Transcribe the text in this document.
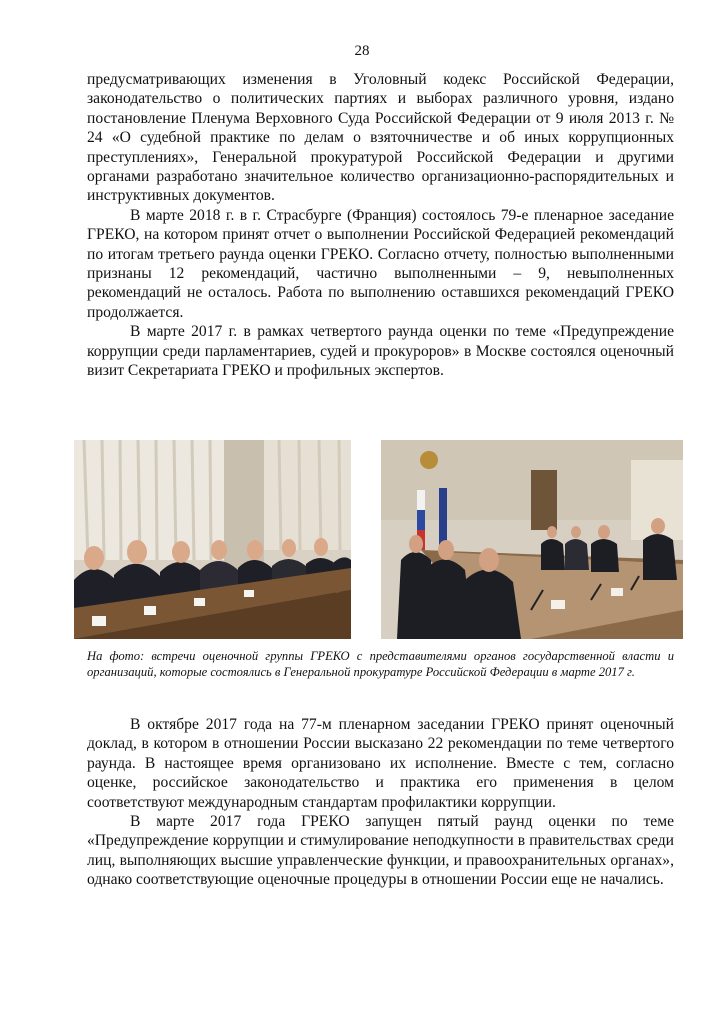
28

предусматривающих изменения в Уголовный кодекс Российской Федерации, законодательство о политических партиях и выборах различного уровня, издано постановление Пленума Верховного Суда Российской Федерации от 9 июля 2013 г. № 24 «О судебной практике по делам о взяточничестве и об иных коррупционных преступлениях», Генеральной прокуратурой Российской Федерации и другими органами разработано значительное количество организационно-распорядительных и инструктивных документов.

В марте 2018 г. в г. Страсбурге (Франция) состоялось 79-е пленарное заседание ГРЕКО, на котором принят отчет о выполнении Российской Федерацией рекомендаций по итогам третьего раунда оценки ГРЕКО. Согласно отчету, полностью выполненными признаны 12 рекомендаций, частично выполненными – 9, невыполненных рекомендаций не осталось. Работа по выполнению оставшихся рекомендаций ГРЕКО продолжается.

В марте 2017 г. в рамках четвертого раунда оценки по теме «Предупреждение коррупции среди парламентариев, судей и прокуроров» в Москве состоялся оценочный визит Секретариата ГРЕКО и профильных экспертов.

На фото: встречи оценочной группы ГРЕКО с представителями органов государственной власти и организаций, которые состоялись в Генеральной прокуратуре Российской Федерации в марте 2017 г.

В октябре 2017 года на 77-м пленарном заседании ГРЕКО принят оценочный доклад, в котором в отношении России высказано 22 рекомендации по теме четвертого раунда. В настоящее время организовано их исполнение. Вместе с тем, согласно оценке, российское законодательство и практика его применения в целом соответствуют международным стандартам профилактики коррупции.

В марте 2017 года ГРЕКО запущен пятый раунд оценки по теме «Предупреждение коррупции и стимулирование неподкупности в правительствах среди лиц, выполняющих высшие управленческие функции, и правоохранительных органах», однако соответствующие оценочные процедуры в отношении России еще не начались.
